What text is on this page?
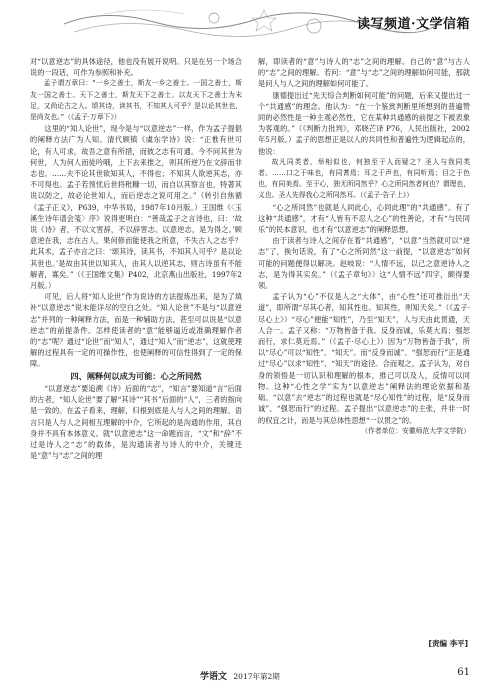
读写频道·文学信箱

对“以意逆志”的具体途径，他也没有展开说明。只是在另一个场合说的一段话，可作为参照和补充。

孟子谓万章曰：“一乡之善士，斯友一乡之善士。一国之善士，斯友一国之善士。天下之善士，斯友天下之善士。以友天下之善士为未足，又尚论古之人。颂其诗，读其书，不知其人可乎？是以论其世也，是尚友也。”（《孟子·万章下》）

这里的“知人论世”，现今是与“以意逆志”一样，作为孟子提倡的阐释方法广为人知。清代顾镇《虞东学诗》说：“正惟有世可论，有人可求，故吾之意有所措，而彼之志有可通。今不问其世为何世，人为何人而徒吟哦，上下去来推之，则其所逆乃在文辞而非志也。……夫不论其世欲知其人，不得也；不知其人欲逆其志，亦不可得也。孟子若预忧后世将秕糠一切，而自以其察言也，特著其说以防之，故必论世知人，而后逆志之说可用之。”（转引自焦循《孟子正义》，P639，中华书局，1987年10月版。）王国维《〈玉溪生诗年谱会笺〉序》说得更明白：“善哉孟子之言诗也，曰：‘故说《诗》者，不以文害辞，不以辞害志。以意逆志，是为得之。’顾意逆在我，志在古人，果何修而能使我之所意，不失古人之志乎？此其术，孟子亦言之曰：‘颂其诗，读其书，不知其人可乎？是以论其世也。’是故由其世以知其人，由其人以逆其志，则古诗虽有不能解者，寡矣。”（《王国维文集》P402，北京燕山出版社，1997年2月版。）

可见，后人将“知人论世”作为说诗的方法提炼出来，是为了填补“以意逆志”说未能详尽的空白之处。“知人论世”不是与“以意逆志”并列的一种阐释方法，而是一种辅助方法，甚至可以说是“以意逆志”的前提条件。怎样使读者的“意”能够逼近或准确理解作者的“志”呢？通过“论世”而“知人”，通过“知人”而“逆志”，这就使理解的过程具有一定的可操作性，也使阐释的可信性得到了一定的保障。

四、阐释何以成为可能：心之所同然

“以意逆志”要追溯《诗》后面的“志”，“知言”要知道“言”后面的古者，“知人论世”要了解“其诗”“其书”后面的“人”，三者的指向是一致的。在孟子看来，理解，归根到底是人与人之间的理解。语言只是人与人之间相互理解的中介，它所起的是沟通的作用，其自身并不具有本体意义。就“以意逆志”这一命题而言，“文”和“辞”不过是诗人之“志”的载体，是沟通读者与诗人的中介，关键还是“意”与“志”之间的理

解，即读者的“意”与诗人的“志”之间的理解。自己的“意”与古人的“志”之间的理解。若问：“意”与“志”之间的理解如何可能，那就是问人与人之间的理解如何可能了。

康德提出过“先天综合判断如何可能”的问题，后来又提出过一个“共通感”的理念。他认为：“在一个鉴赏判断里所想到的普遍赞同的必然性是一种主观必然性，它在某种共通感的前提之下被表象为客观的。”（《判断力批判》，邓晓芒译 P76，人民出版社，2002年5月版。）孟子的思想正是以人的共同性和普遍性为逻辑起点的，他说：

故凡同类者，举相似也，何独至于人而疑之？圣人与我同类者。……口之于味也，有同耆焉；耳之于声也，有同听焉；目之于色也，有同美焉。至于心，独无所同然乎？心之所同然者何也？谓理也，义也。圣人先得我心之所同然耳。（《孟子·告子上》）

“心之所同然”也就是人同此心，心同此理”的“共通感”。有了这种“共通感”，才有“人皆有不忍人之心”的性善论，才有“与民同乐”的民本意识，也才有“以意逆志”的阐释思想。

由于读者与诗人之间存在着“共通感”，“以意”当然就可以“逆志”了，换句话说，有了“心之所同然”这一前提，“以意逆志”如何可能的问题便得以解决。赵岐说：“人情不远，以己之意逆诗人之志，是为得其实矣。”（《孟子章句》）这“人情不远”四字，颇得要领。

孟子认为“心”不仅是人之“大体”，由“心性”还可推衍出“天道”，即所谓“尽其心者，知其性也。知其性，则知天矣。”（《孟子·尽心上》）“尽心”便能“知性”，乃至“知天”，人与天由此贯通，天人合一。孟子又称：“万物皆备于我。反身而诚，乐莫大焉；强恕而行，求仁莫近焉。”（《孟子·尽心上》）因为“万物皆备于我”，所以“尽心”可以“知性”、“知天”。而“反身而诚”、“强恕而行”正是通过“尽心”以求“知性”、“知天”的途径。合而观之，孟子认为，对自身的领悟是一切认识和理解的根本，推己可以及人，反情可以同物。这种“心性之学”实为“以意逆志”阐释法的理论依据和基础。“以意”去“逆志”的过程也就是“尽心知性”的过程，是“反身而诚”、“强恕而行”的过程。孟子提出“以意逆志”的主张，并非一时的权宜之计，而是与其总体性思想“一以贯之”的。

（作者单位：安徽师范大学文学院）

[责编 李平]
学语文 2017年第2期	61
